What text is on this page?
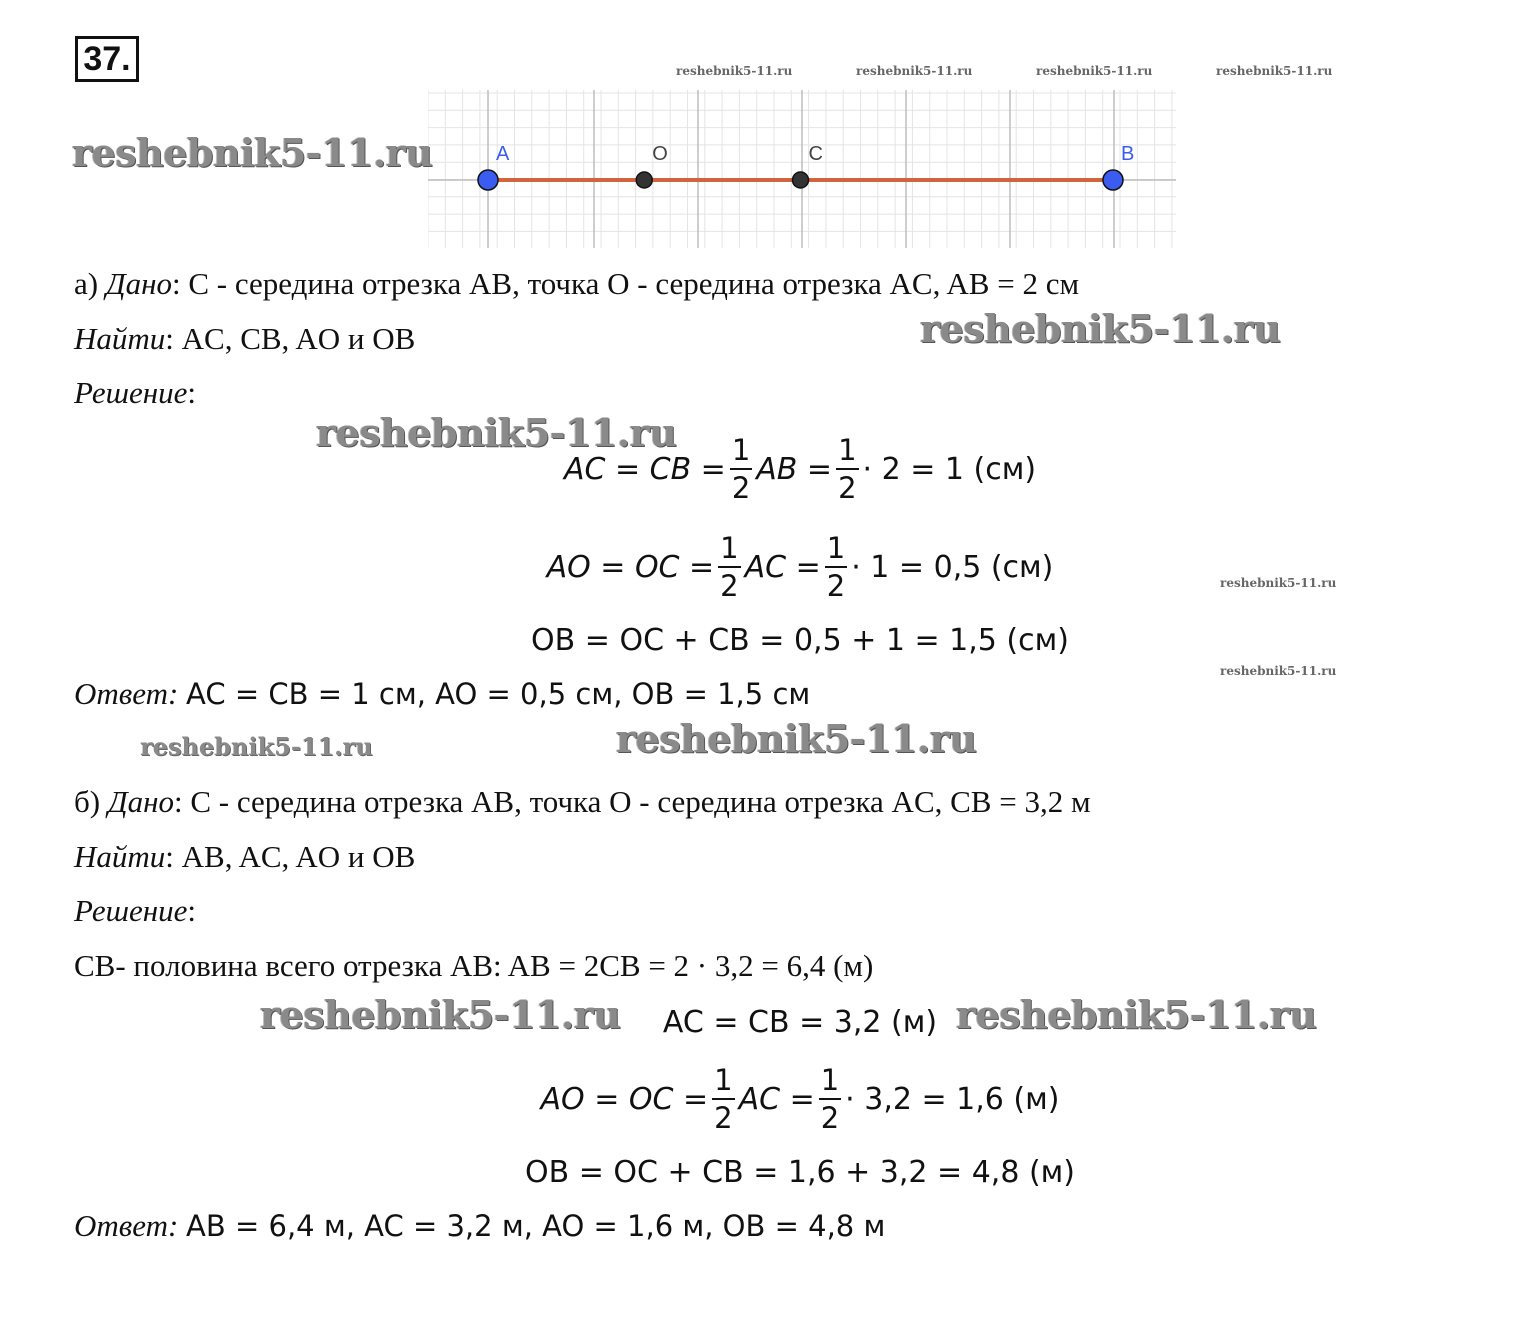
37.	reshebnik5-11.ru	reshebnik5-11.ru	reshebnik5-11.ru	reshebnik5-11.ru
reshebnik5-11.ru
reshebnik5-11.ru
A	O	C	B
reshebnik5-11.ru
reshebnik5-11.ru
reshebnik5-11.ru
reshebnik5-11.ru
reshebnik5-11.ru
reshebnik5-11.ru	reshebnik5-11.ru
а) Дано: C - середина отрезка AB, точка O - середина отрезка AC, AB = 2 см
Найти: AC, CB, AO и OB
Решение:
AC = CB = $\frac{1}{2}$ AB = $\frac{1}{2} \cdot 2 = 1$ (см)
AO = OC = $\frac{1}{2}$ AC = $\frac{1}{2} \cdot 1 = 0,5$ (см)
OB = OC + CB = 0,5 + 1 = 1,5 (см)
Ответ: AC = CB = 1 см, AO = 0,5 см, OB = 1,5 см
б) Дано: C - середина отрезка AB, точка O - середина отрезка AC, CB = 3,2 м
Найти: AB, AC, AO и OB
Решение:
CB- половина всего отрезка AB: AB = 2CB = 2 · 3,2 = 6,4 (м)
AC = CB = 3,2 (м)
AO = OC = $\frac{1}{2}$ AC = $\frac{1}{2} \cdot 3,2 = 1,6$ (м)
OB = OC + CB = 1,6 + 3,2 = 4,8 (м)
Ответ: AB = 6,4 м, AC = 3,2 м, AO = 1,6 м, OB = 4,8 м
